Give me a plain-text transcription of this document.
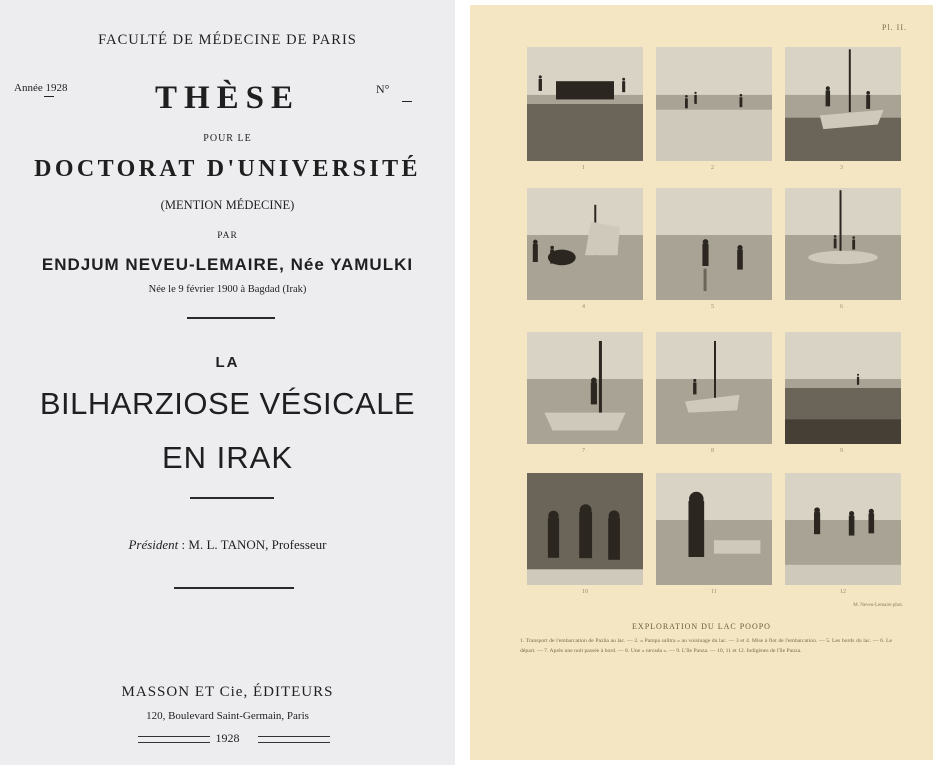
FACULTÉ DE MÉDECINE DE PARIS
Année 1928	N°
THÈSE
POUR LE
DOCTORAT D'UNIVERSITÉ
(MENTION MÉDECINE)
PAR
ENDJUM NEVEU-LEMAIRE, Née YAMULKI
Née le 9 février 1900 à Bagdad (Irak)
LA
BILHARZIOSE VÉSICALE
EN IRAK
Président : M. L. TANON, Professeur
MASSON ET Cie, ÉDITEURS
120, Boulevard Saint-Germain, Paris
1928
Pl. II.
1	2	3
4	5	6
7	8	9
10	11	12
M. Neveu-Lemaire phot.
EXPLORATION DU LAC POOPO
1. Transport de l'embarcation de Pazña au lac. — 2. « Pampa salitra » au voisinage du lac. — 3 et 4. Mise à flot de l'embarcation. — 5. Les bords du lac. — 6. Le départ. — 7. Après une nuit passée à bord. — 8. Une « nevada ». — 9. L'île Panza. — 10, 11 et 12. Indigènes de l'île Panza.
